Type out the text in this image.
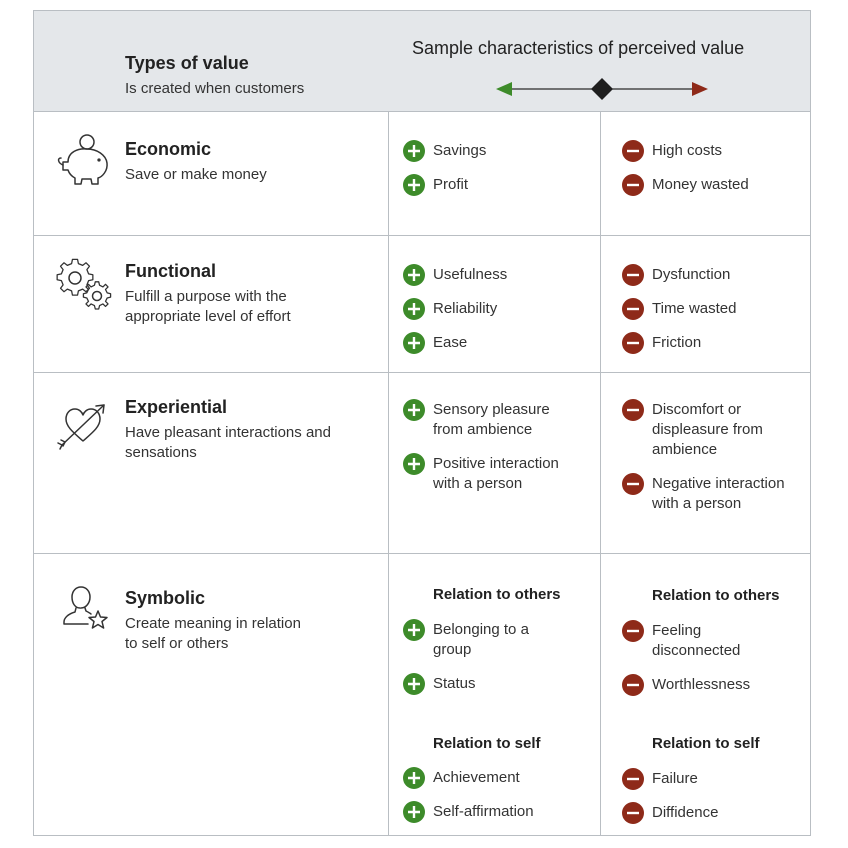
Types of value
Is created when customers
Sample characteristics of perceived value
Economic
Save or make money
Savings
Profit
High costs
Money wasted
Functional
Fulfill a purpose with the appropriate level of effort
Usefulness
Reliability
Ease
Dysfunction
Time wasted
Friction
Experiential
Have pleasant interactions and sensations
Sensory pleasure from ambience
Positive interaction with a person
Discomfort or displeasure from ambience
Negative interaction with a person
Symbolic
Create meaning in relation to self or others
Relation to others
Belonging to a group
Status
Relation to self
Achievement
Self-affirmation
Relation to others
Feeling disconnected
Worthlessness
Relation to self
Failure
Diffidence
